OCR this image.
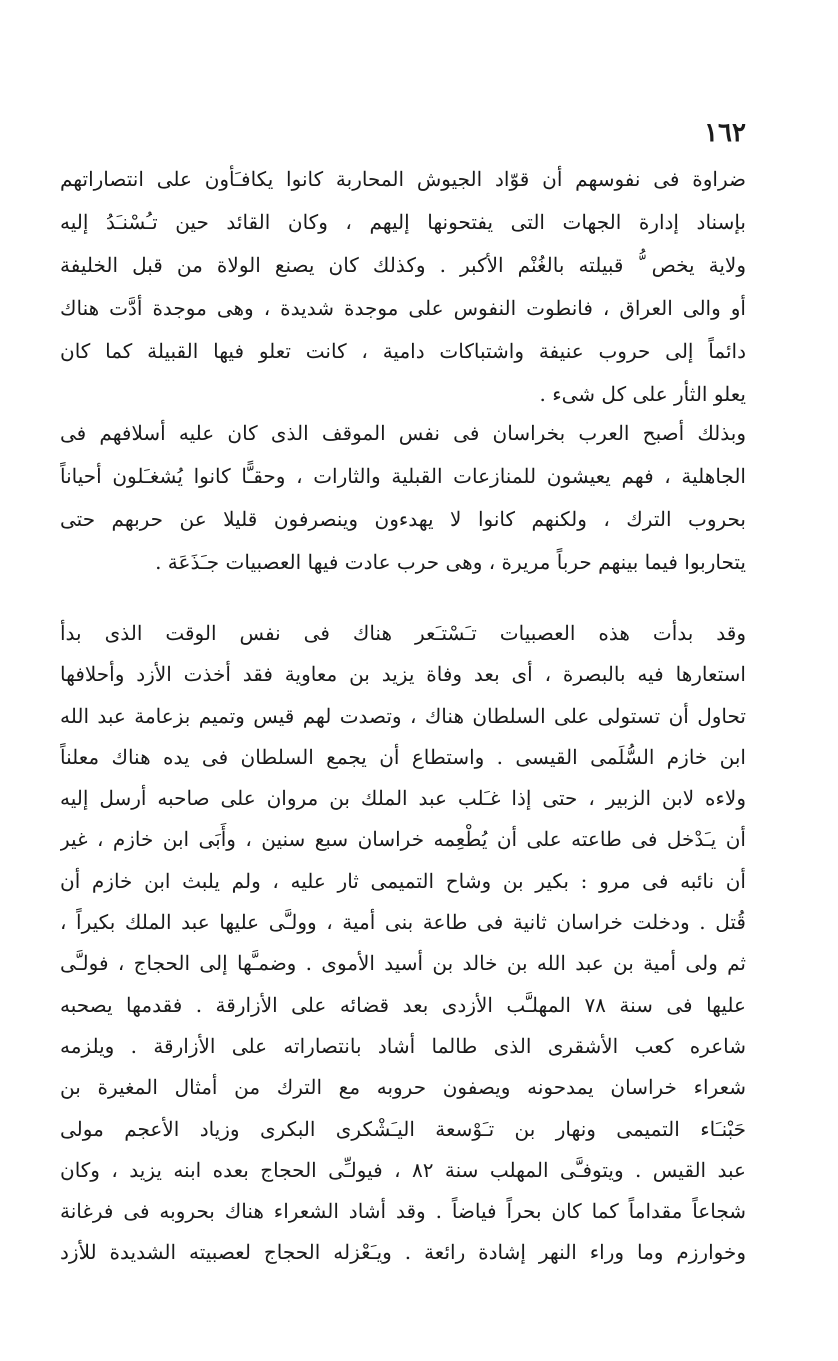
١٦٢
َضراوة فى نفوسهم أن قوّاد الجيوش المحاربة كانوا يكافـَأون على انتصاراتهم
بإسناد إدارة الجهات التى يفتحونها إليهم ، وكان القائد حين تـُسْنـَدُ إليه
ولاية يخص ُّ قبيلته بالغُنْم الأكبر . وكذلك كان يصنع الولاة من قبل الخليفة
أو والى العراق ، فانطوت النفوس على موجدة شديدة ، وهى موجدة أدَّت هناك
دائماً إلى حروب عنيفة واشتباكات دامية ، كانت تعلو فيها القبيلة كما كان
يعلو الثأر على كل شىء .
وبذلك أصبح العرب بخراسان فى نفس الموقف الذى كان عليه أسلافهم فى
الجاهلية ، فهم يعيشون للمنازعات القبلية والثارات ، وحقـًّا كانوا يُشغـَلون أحياناً
بحروب الترك ، ولكنهم كانوا لا يهدءون وينصرفون قليلا عن حربهم حتى
يتحاربوا فيما بينهم حرباً مريرة ، وهى حرب عادت فيها العصبيات جـَذَعَة .
وقد بدأت هذه العصبيات تـَسْتـَعر هناك فى نفس الوقت الذى بدأ
استعارها فيه بالبصرة ، أى بعد وفاة يزيد بن معاوية فقد أخذت الأزد وأحلافها
تحاول أن تستولى على السلطان هناك ، وتصدت لهم قيس وتميم بزعامة عبد الله
ابن خازم السُّلَمى القيسى . واستطاع أن يجمع السلطان فى يده هناك معلناً
ولاءه لابن الزبير ، حتى إذا غـَلب عبد الملك بن مروان على صاحبه أرسل إليه
أن يـَدْخل فى طاعته على أن يُطْعِمه خراسان سبع سنين ، وأَبَى ابن خازم ، غير
أن نائبه فى مرو : بكير بن وشاح التميمى ثار عليه ، ولم يلبث ابن خازم أن
قُتل . ودخلت خراسان ثانية فى طاعة بنى أمية ، وولـَّى عليها عبد الملك بكيراً ،
ثم ولى أمية بن عبد الله بن خالد بن أسيد الأموى . وضمـَّها إلى الحجاج ، فولـَّى
عليها فى سنة ٧٨ المهلـَّب الأزدى بعد قضائه على الأزارقة . فقدمها يصحبه
شاعره كعب الأشقرى الذى طالما أشاد بانتصاراته على الأزارقة . ويلزمه
شعراء خراسان يمدحونه ويصفون حروبه مع الترك من أمثال المغيرة بن
حَبْنـَاء التميمى ونهار بن تـَوْسعة اليـَشْكرى البكرى وزياد الأعجم مولى
عبد القيس . ويتوفـَّى المهلب سنة ٨٢ ، فيولـِّى الحجاج بعده ابنه يزيد ، وكان
شجاعاً مقداماً كما كان بحراً فياضاً . وقد أشاد الشعراء هناك بحروبه فى فرغانة
وخوارزم وما وراء النهر إشادة رائعة . ويـَعْزله الحجاج لعصبيته الشديدة للأزد
